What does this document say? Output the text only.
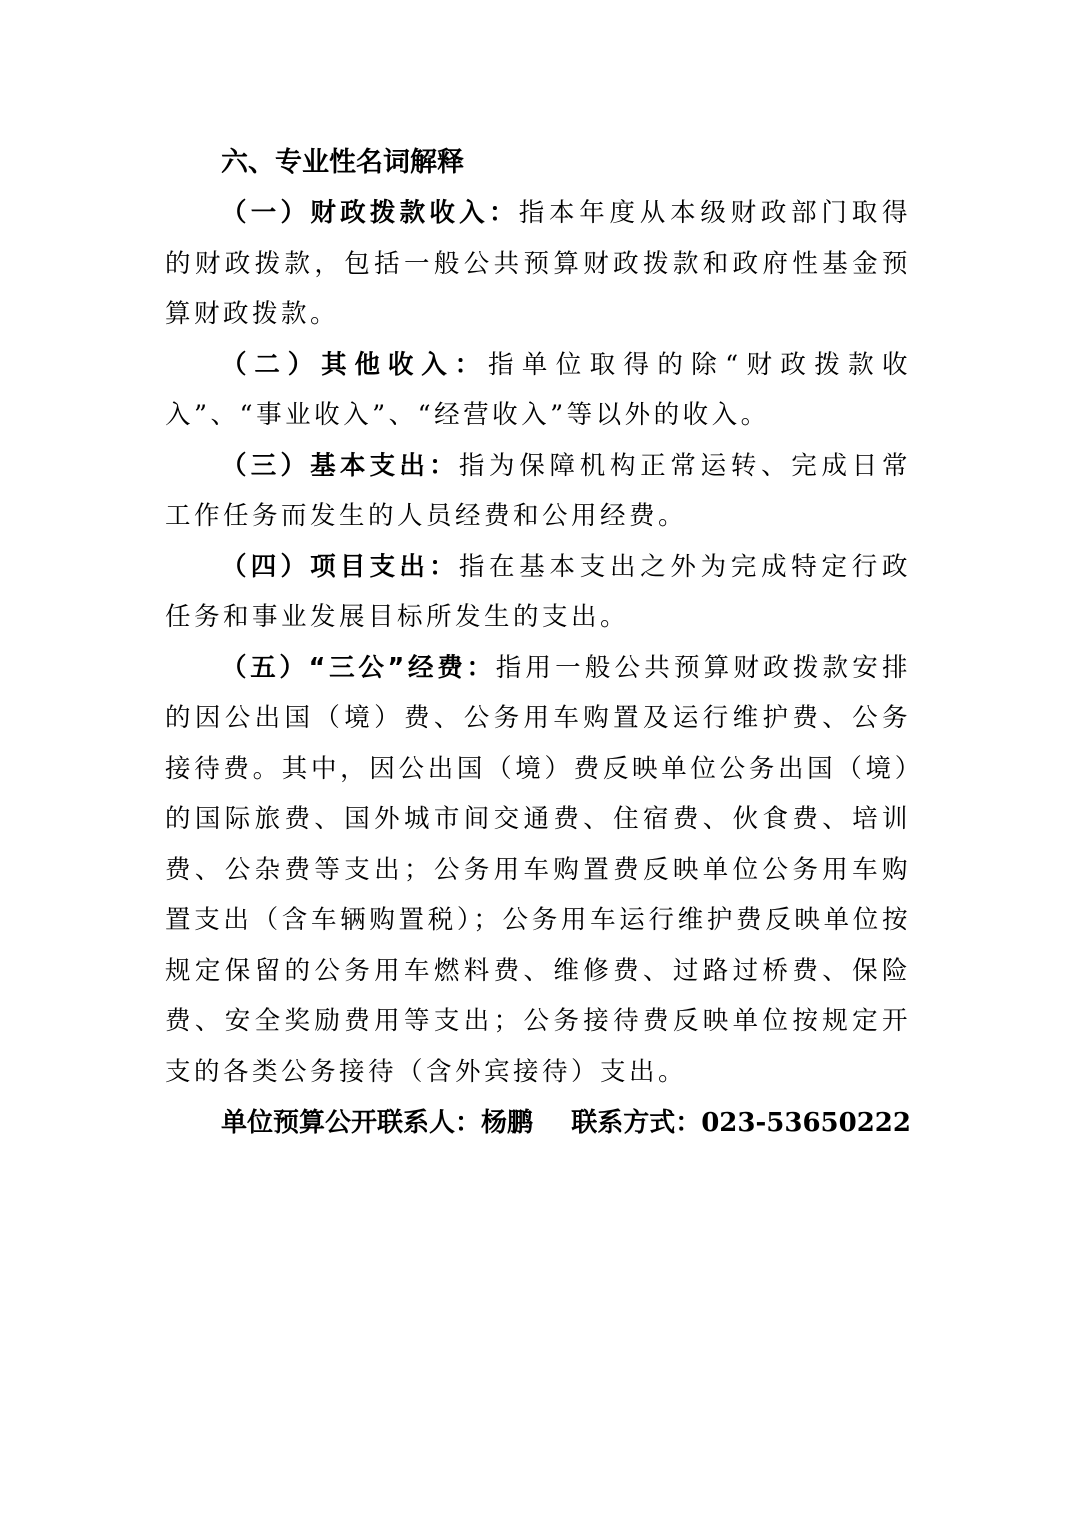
六、专业性名词解释

（一）财政拨款收入：指本年度从本级财政部门取得的财政拨款，包括一般公共预算财政拨款和政府性基金预算财政拨款。

（二）其他收入：指单位取得的除“财政拨款收入”、“事业收入”、“经营收入”等以外的收入。

（三）基本支出：指为保障机构正常运转、完成日常工作任务而发生的人员经费和公用经费。

（四）项目支出：指在基本支出之外为完成特定行政任务和事业发展目标所发生的支出。

（五）“三公”经费：指用一般公共预算财政拨款安排的因公出国（境）费、公务用车购置及运行维护费、公务接待费。其中，因公出国（境）费反映单位公务出国（境）的国际旅费、国外城市间交通费、住宿费、伙食费、培训费、公杂费等支出；公务用车购置费反映单位公务用车购置支出（含车辆购置税）；公务用车运行维护费反映单位按规定保留的公务用车燃料费、维修费、过路过桥费、保险费、安全奖励费用等支出；公务接待费反映单位按规定开支的各类公务接待（含外宾接待）支出。

单位预算公开联系人：杨鹏 联系方式：023-53650222
